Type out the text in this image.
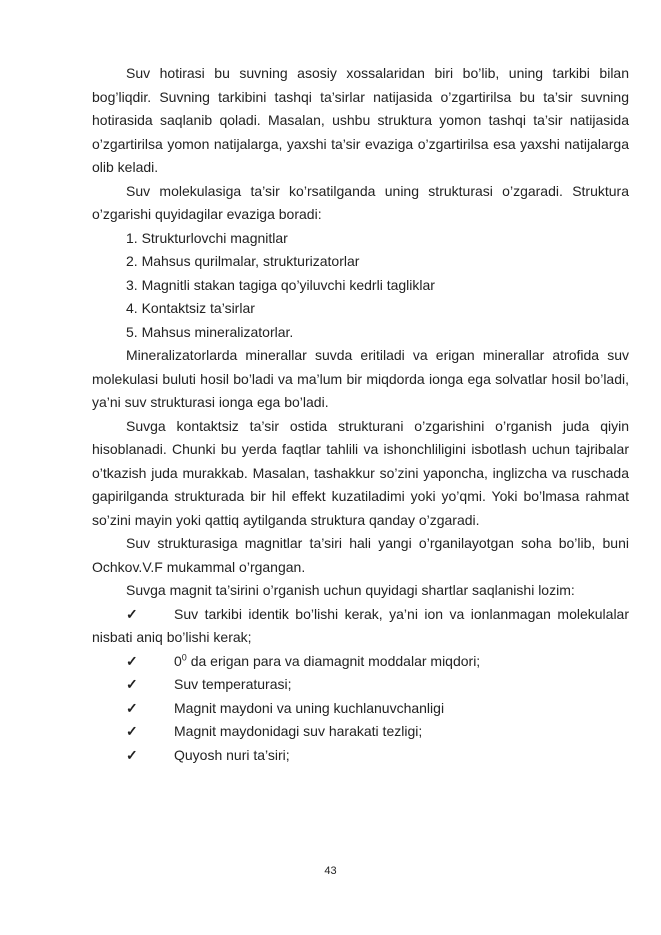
Suv hotirasi bu suvning asosiy xossalaridan biri bo’lib, uning tarkibi bilan bog’liqdir. Suvning tarkibini tashqi ta’sirlar natijasida o’zgartirilsa bu ta’sir suvning hotirasida saqlanib qoladi. Masalan, ushbu struktura yomon tashqi ta’sir natijasida o’zgartirilsa yomon natijalarga, yaxshi ta’sir evaziga o’zgartirilsa esa yaxshi natijalarga olib keladi.

Suv molekulasiga ta’sir ko’rsatilganda uning strukturasi o’zgaradi. Struktura o’zgarishi quyidagilar evaziga boradi:

1. Strukturlovchi magnitlar

2. Mahsus qurilmalar, strukturizatorlar

3. Magnitli stakan tagiga qo’yiluvchi kedrli tagliklar

4. Kontaktsiz ta’sirlar

5. Mahsus mineralizatorlar.

Mineralizatorlarda minerallar suvda eritiladi va erigan minerallar atrofida suv molekulasi buluti hosil bo’ladi va ma’lum bir miqdorda ionga ega solvatlar hosil bo’ladi, ya’ni suv strukturasi ionga ega bo’ladi.

Suvga kontaktsiz ta’sir ostida strukturani o’zgarishini o’rganish juda qiyin hisoblanadi. Chunki bu yerda faqtlar tahlili va ishonchliligini isbotlash uchun tajribalar o’tkazish juda murakkab. Masalan, tashakkur so’zini yaponcha, inglizcha va ruschada gapirilganda strukturada bir hil effekt kuzatiladimi yoki yo’qmi. Yoki bo’lmasa rahmat so’zini mayin yoki qattiq aytilganda struktura qanday o’zgaradi.

Suv strukturasiga magnitlar ta’siri hali yangi o’rganilayotgan soha bo’lib, buni Ochkov.V.F mukammal o’rgangan.

Suvga magnit ta’sirini o’rganish uchun quyidagi shartlar saqlanishi lozim:

✓	Suv tarkibi identik bo’lishi kerak, ya’ni ion va ionlanmagan molekulalar nisbati aniq bo’lishi kerak;

✓	$0^0$ da erigan para va diamagnit moddalar miqdori;

✓	Suv temperaturasi;

✓	Magnit maydoni va uning kuchlanuvchanligi

✓	Magnit maydonidagi suv harakati tezligi;

✓	Quyosh nuri ta’siri;

43
